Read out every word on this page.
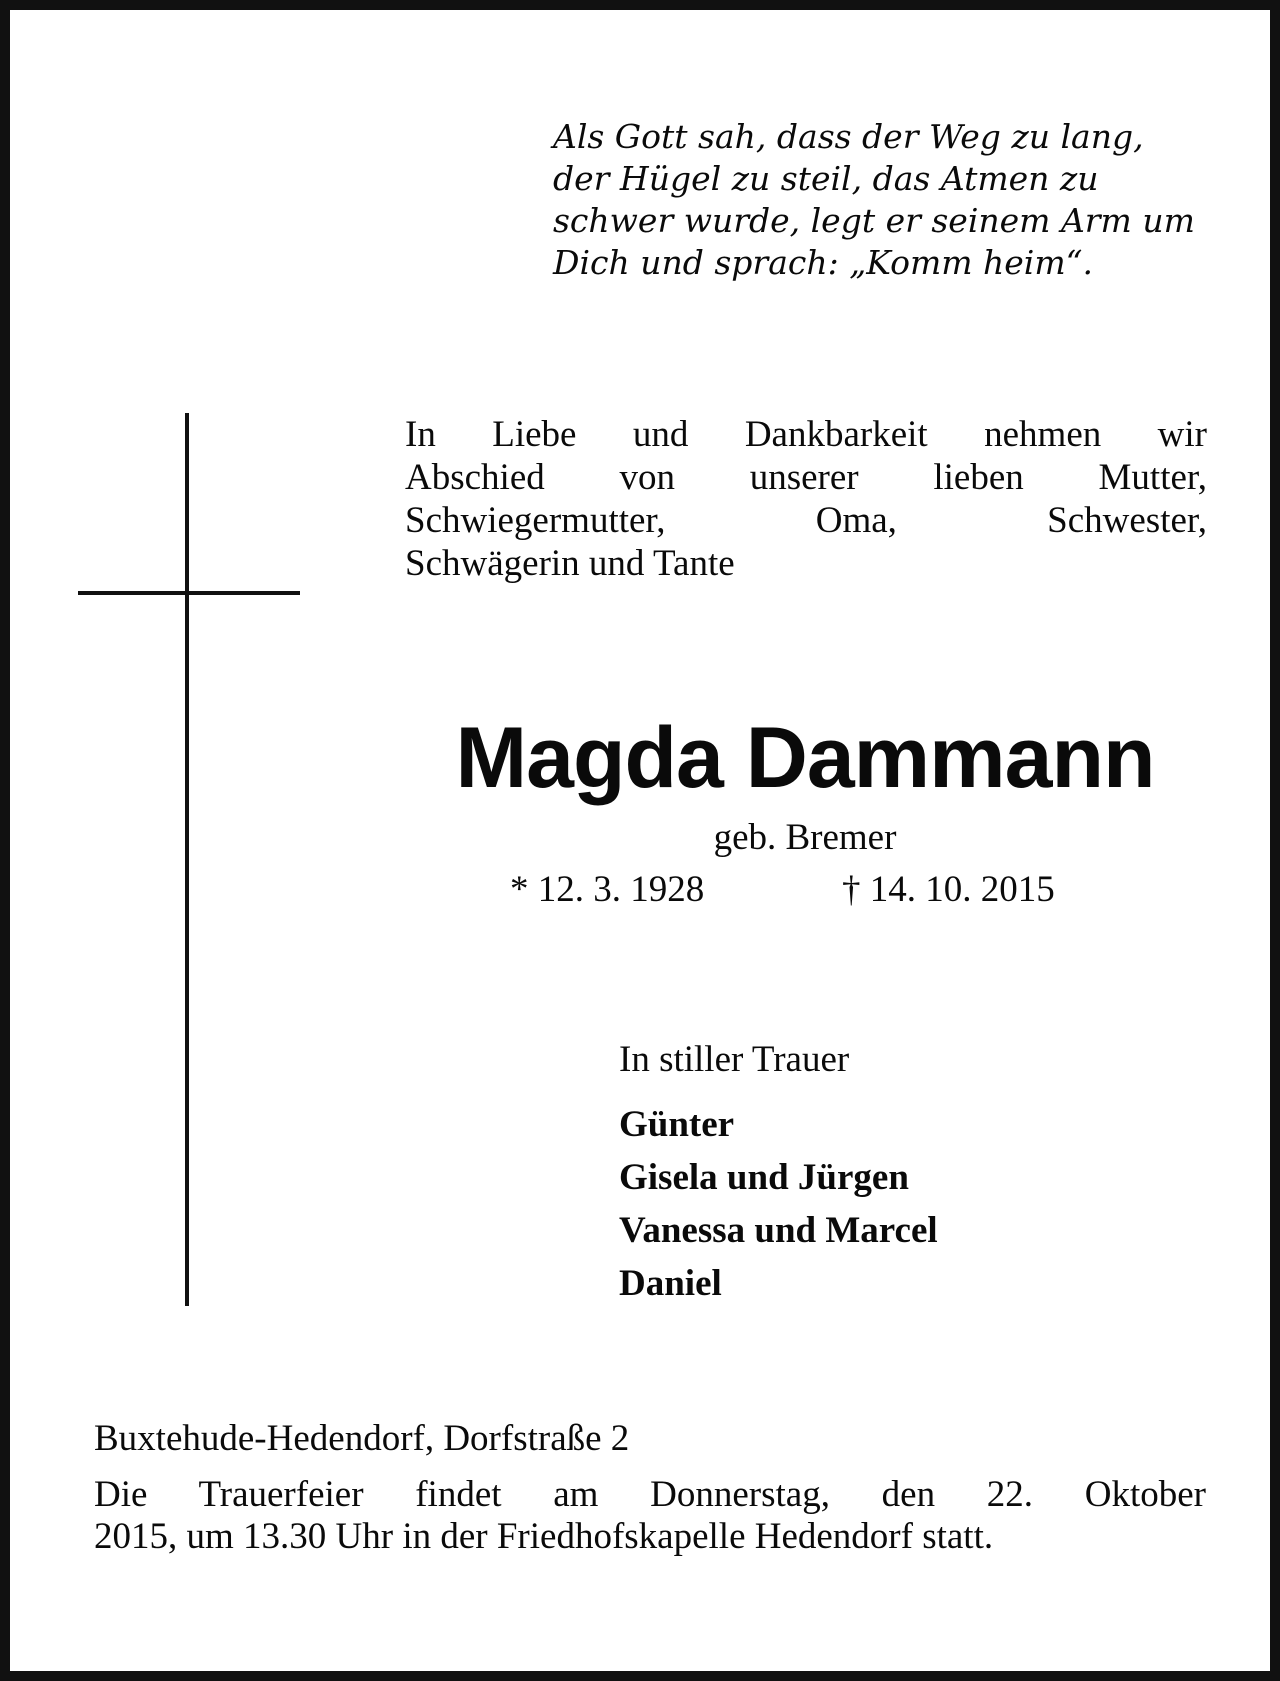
Als Gott sah, dass der Weg zu lang,
der Hügel zu steil, das Atmen zu
schwer wurde, legt er seinem Arm um
Dich und sprach: „Komm heim“.

In Liebe und Dankbarkeit nehmen wir
Abschied von unserer lieben Mutter,
Schwiegermutter, Oma, Schwester,
Schwägerin und Tante

Magda Dammann
geb. Bremer
* 12. 3. 1928	† 14. 10. 2015
In stiller Trauer
Günter
Gisela und Jürgen
Vanessa und Marcel
Daniel
Buxtehude-Hedendorf, Dorfstraße 2

Die Trauerfeier findet am Donnerstag, den 22. Oktober
2015, um 13.30 Uhr in der Friedhofskapelle Hedendorf statt.
